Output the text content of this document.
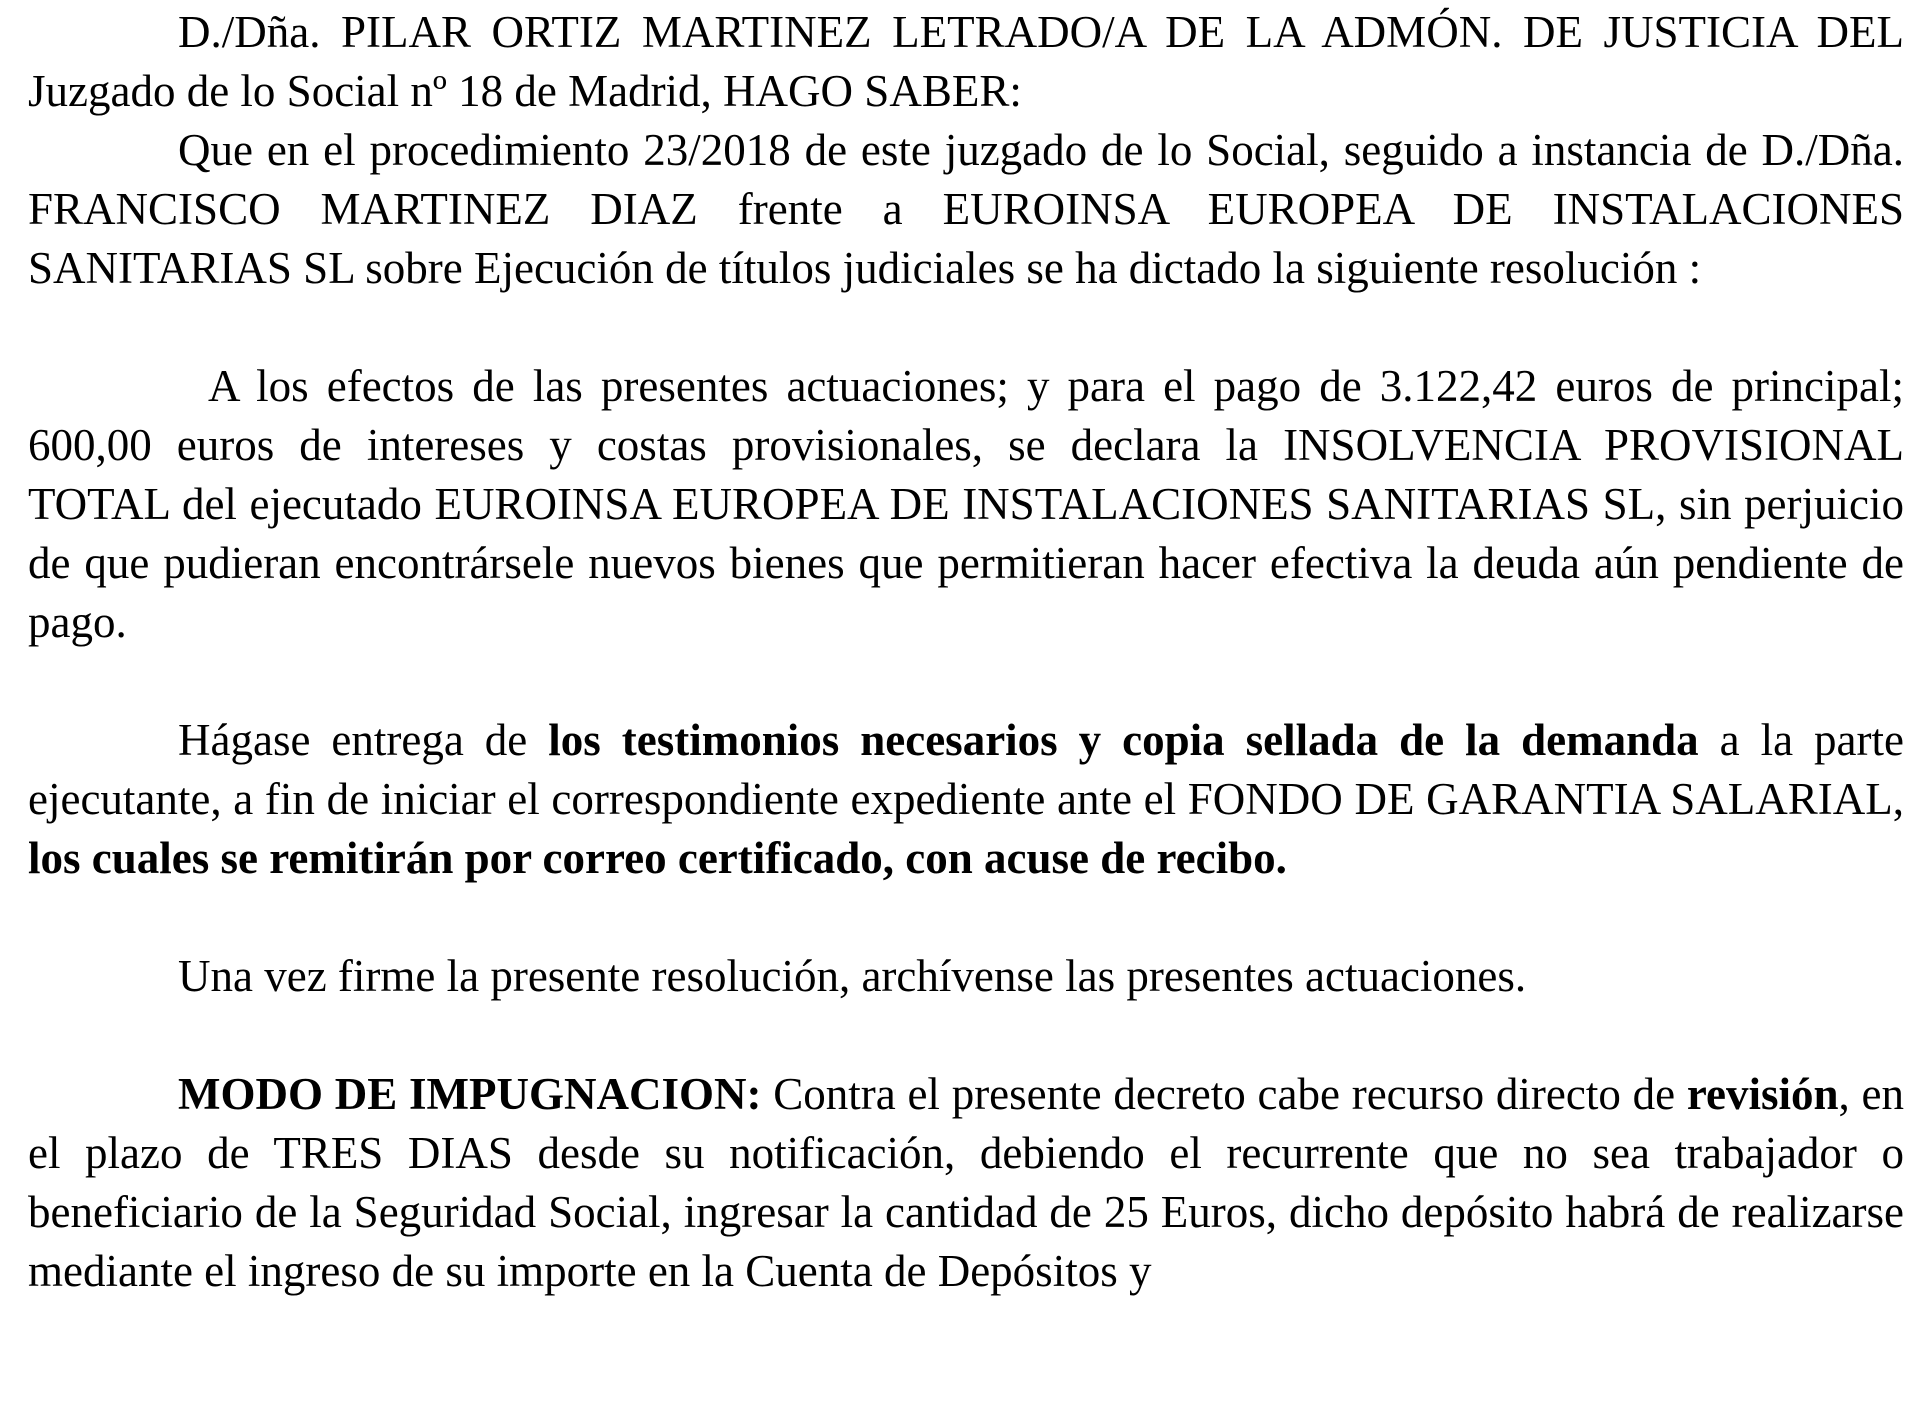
D./Dña. PILAR ORTIZ MARTINEZ LETRADO/A DE LA ADMÓN. DE JUSTICIA DEL Juzgado de lo Social nº 18 de Madrid, HAGO SABER:

Que en el procedimiento 23/2018 de este juzgado de lo Social, seguido a instancia de D./Dña. FRANCISCO MARTINEZ DIAZ frente a EUROINSA EUROPEA DE INSTALACIONES SANITARIAS SL sobre Ejecución de títulos judiciales se ha dictado la siguiente resolución :

A los efectos de las presentes actuaciones; y para el pago de 3.122,42 euros de principal; 600,00 euros de intereses y costas provisionales, se declara la INSOLVENCIA PROVISIONAL TOTAL del ejecutado EUROINSA EUROPEA DE INSTALACIONES SANITARIAS SL, sin perjuicio de que pudieran encontrársele nuevos bienes que permitieran hacer efectiva la deuda aún pendiente de pago.

Hágase entrega de los testimonios necesarios y copia sellada de la demanda a la parte ejecutante, a fin de iniciar el correspondiente expediente ante el FONDO DE GARANTIA SALARIAL, los cuales se remitirán por correo certificado, con acuse de recibo.

Una vez firme la presente resolución, archívense las presentes actuaciones.

MODO DE IMPUGNACION: Contra el presente decreto cabe recurso directo de revisión, en el plazo de TRES DIAS desde su notificación, debiendo el recurrente que no sea trabajador o beneficiario de la Seguridad Social, ingresar la cantidad de 25 Euros, dicho depósito habrá de realizarse mediante el ingreso de su importe en la Cuenta de Depósitos y
